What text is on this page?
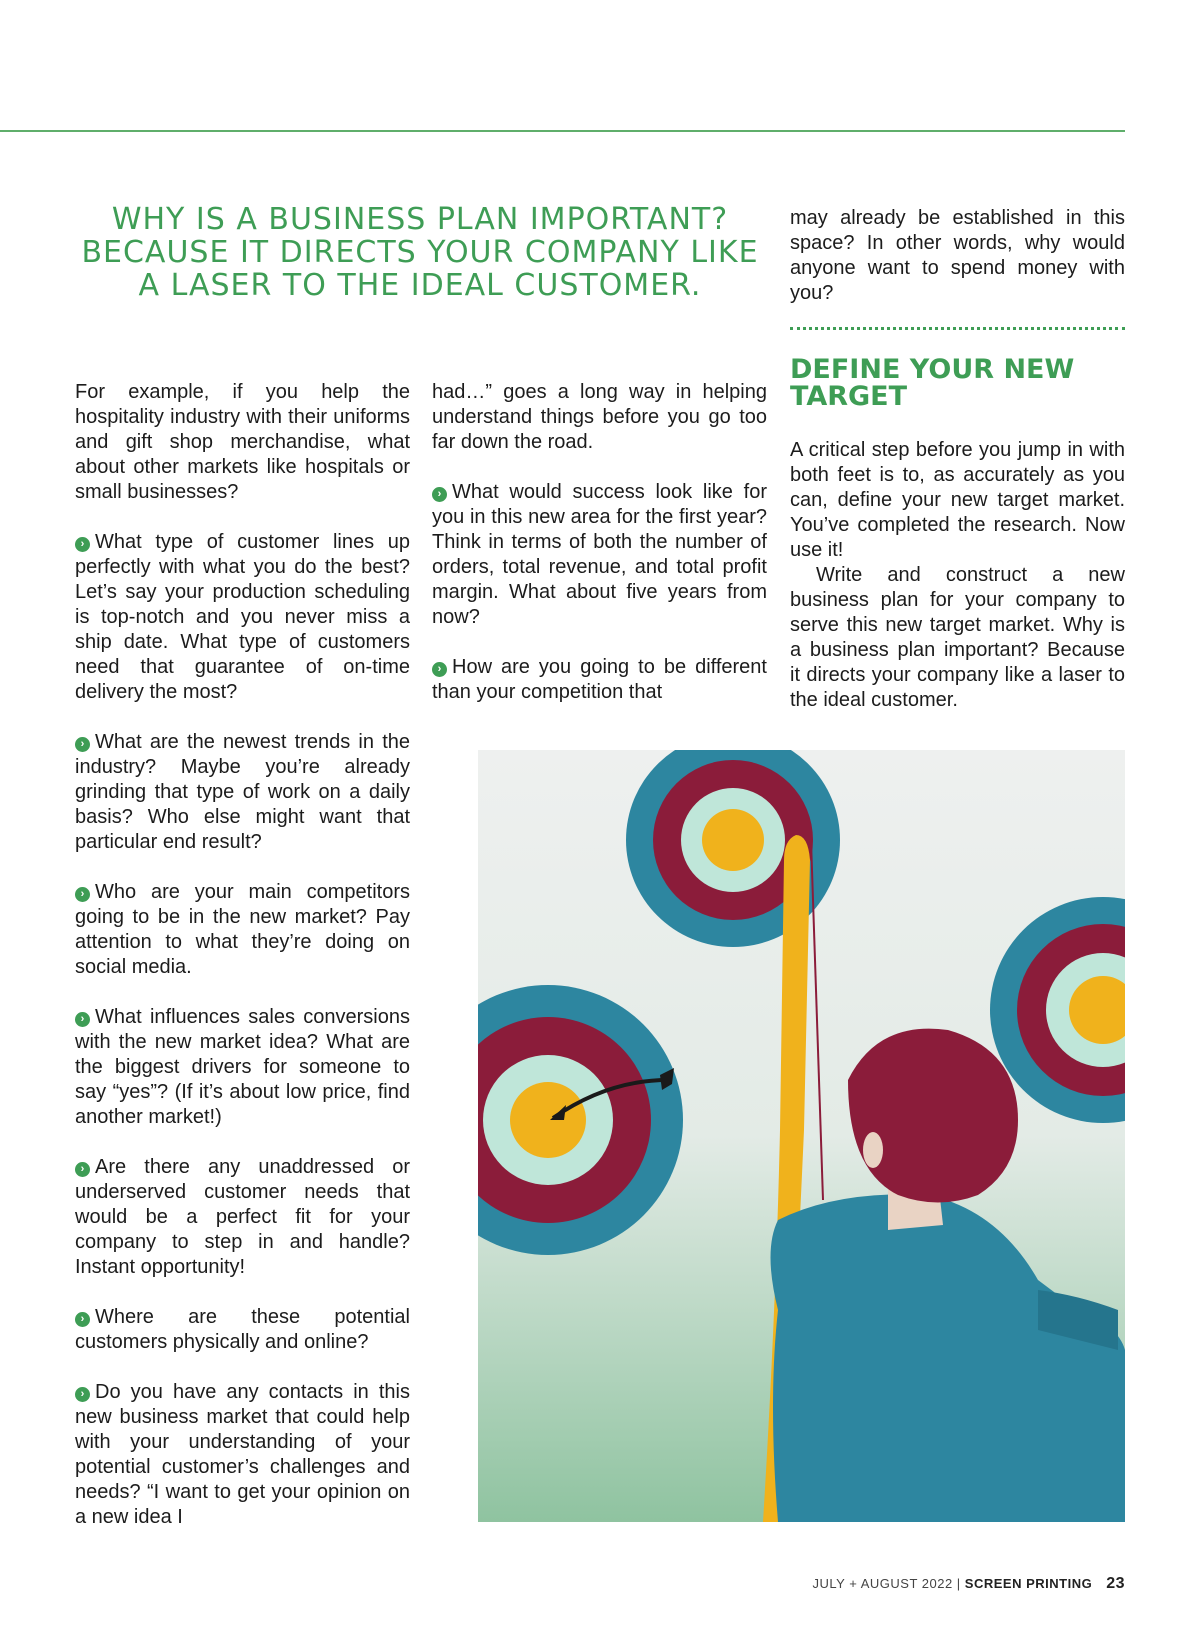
WHY IS A BUSINESS PLAN IMPORTANT? BECAUSE IT DIRECTS YOUR COMPANY LIKE A LASER TO THE IDEAL CUSTOMER.

For example, if you help the hospitality industry with their uniforms and gift shop merchandise, what about other markets like hospitals or small businesses?

› What type of customer lines up perfectly with what you do the best? Let’s say your production scheduling is top-notch and you never miss a ship date. What type of customers need that guarantee of on-time delivery the most?

› What are the newest trends in the industry? Maybe you’re already grinding that type of work on a daily basis? Who else might want that particular end result?

› Who are your main competitors going to be in the new market? Pay attention to what they’re doing on social media.

› What influences sales conversions with the new market idea? What are the biggest drivers for someone to say “yes”? (If it’s about low price, find another market!)

› Are there any unaddressed or underserved customer needs that would be a perfect fit for your company to step in and handle? Instant opportunity!

› Where are these potential customers physically and online?

› Do you have any contacts in this new business market that could help with your understanding of your potential customer’s challenges and needs? “I want to get your opinion on a new idea I

had…” goes a long way in helping understand things before you go too far down the road.

› What would success look like for you in this new area for the first year? Think in terms of both the number of orders, total revenue, and total profit margin. What about five years from now?

› How are you going to be different than your competition that

may already be established in this space? In other words, why would anyone want to spend money with you?

DEFINE YOUR NEW TARGET

A critical step before you jump in with both feet is to, as accurately as you can, define your new target market. You’ve completed the research. Now use it!

Write and construct a new business plan for your company to serve this new target market. Why is a business plan important? Because it directs your company like a laser to the ideal customer.

JULY + AUGUST 2022 | SCREEN PRINTING 23
